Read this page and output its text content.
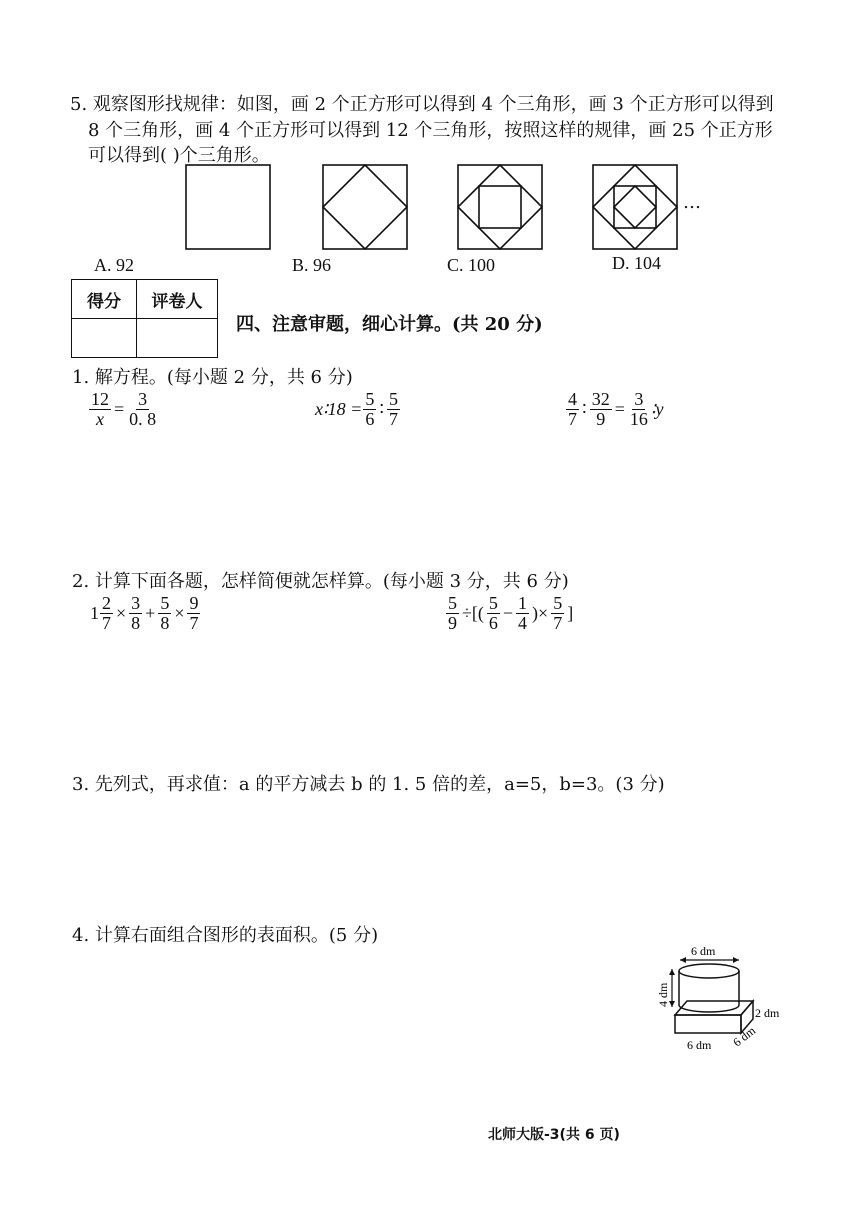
5. 观察图形找规律：如图，画 2 个正方形可以得到 4 个三角形，画 3 个正方形可以得到
8 个三角形，画 4 个正方形可以得到 12 个三角形，按照这样的规律，画 25 个正方形
可以得到( )个三角形。
…
A. 92	B. 96	C. 100	D. 104
得分	评卷人

四、注意审题，细心计算。(共 20 分)
1. 解方程。(每小题 2 分，共 6 分)
$\frac{12}{x} = \frac{3}{0. 8}$	x∶18 = $\frac{5}{6}$ ∶ $\frac{5}{7}$	$\frac{4}{7}$ ∶ $\frac{32}{9} = \frac{3}{16}$ ∶y
2. 计算下面各题，怎样简便就怎样算。(每小题 3 分，共 6 分)
$1 \frac{2}{7} \times \frac{3}{8} + \frac{5}{8} \times \frac{9}{7}$	$\frac{5}{9}$ ÷[( $\frac{5}{6} - \frac{1}{4}$ )× $\frac{5}{7}$ ]
3. 先列式，再求值：a 的平方减去 b 的 1. 5 倍的差，a=5，b=3。(3 分)
4. 计算右面组合图形的表面积。(5 分)
6 dm
4 dm
2 dm
6 dm 6 dm
北师大版-3(共 6 页)
